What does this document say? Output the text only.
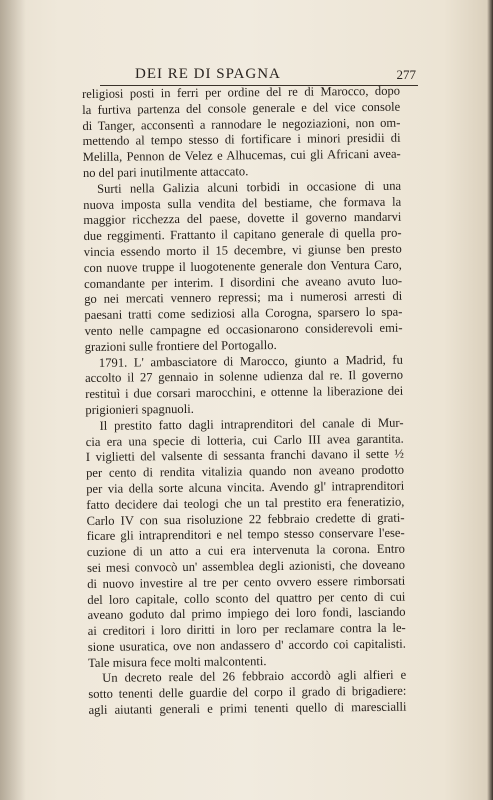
DEI RE DI SPAGNA	277
religiosi posti in ferri per ordine del re di Marocco, dopo
la furtiva partenza del console generale e del vice console
di Tanger, acconsentì a rannodare le negoziazioni, non om-
mettendo al tempo stesso di fortificare i minori presidii di
Melilla, Pennon de Velez e Alhucemas, cui gli Africani avea-
no del pari inutilmente attaccato.
Surti nella Galizia alcuni torbidi in occasione di una
nuova imposta sulla vendita del bestiame, che formava la
maggior ricchezza del paese, dovette il governo mandarvi
due reggimenti. Frattanto il capitano generale di quella pro-
vincia essendo morto il 15 decembre, vi giunse ben presto
con nuove truppe il luogotenente generale don Ventura Caro,
comandante per interim. I disordini che aveano avuto luo-
go nei mercati vennero repressi; ma i numerosi arresti di
paesani tratti come sediziosi alla Corogna, sparsero lo spa-
vento nelle campagne ed occasionarono considerevoli emi-
grazioni sulle frontiere del Portogallo.
1791. L' ambasciatore di Marocco, giunto a Madrid, fu
accolto il 27 gennaio in solenne udienza dal re. Il governo
restituì i due corsari marocchini, e ottenne la liberazione dei
prigionieri spagnuoli.
Il prestito fatto dagli intraprenditori del canale di Mur-
cia era una specie di lotteria, cui Carlo III avea garantita.
I viglietti del valsente di sessanta franchi davano il sette ½
per cento di rendita vitalizia quando non aveano prodotto
per via della sorte alcuna vincita. Avendo gl' intraprenditori
fatto decidere dai teologi che un tal prestito era feneratizio,
Carlo IV con sua risoluzione 22 febbraio credette di grati-
ficare gli intraprenditori e nel tempo stesso conservare l'ese-
cuzione di un atto a cui era intervenuta la corona. Entro
sei mesi convocò un' assemblea degli azionisti, che doveano
di nuovo investire al tre per cento ovvero essere rimborsati
del loro capitale, collo sconto del quattro per cento di cui
aveano goduto dal primo impiego dei loro fondi, lasciando
ai creditori i loro diritti in loro per reclamare contra la le-
sione usuratica, ove non andassero d' accordo coi capitalisti.
Tale misura fece molti malcontenti.
Un decreto reale del 26 febbraio accordò agli alfieri e
sotto tenenti delle guardie del corpo il grado di brigadiere:
agli aiutanti generali e primi tenenti quello di marescialli
